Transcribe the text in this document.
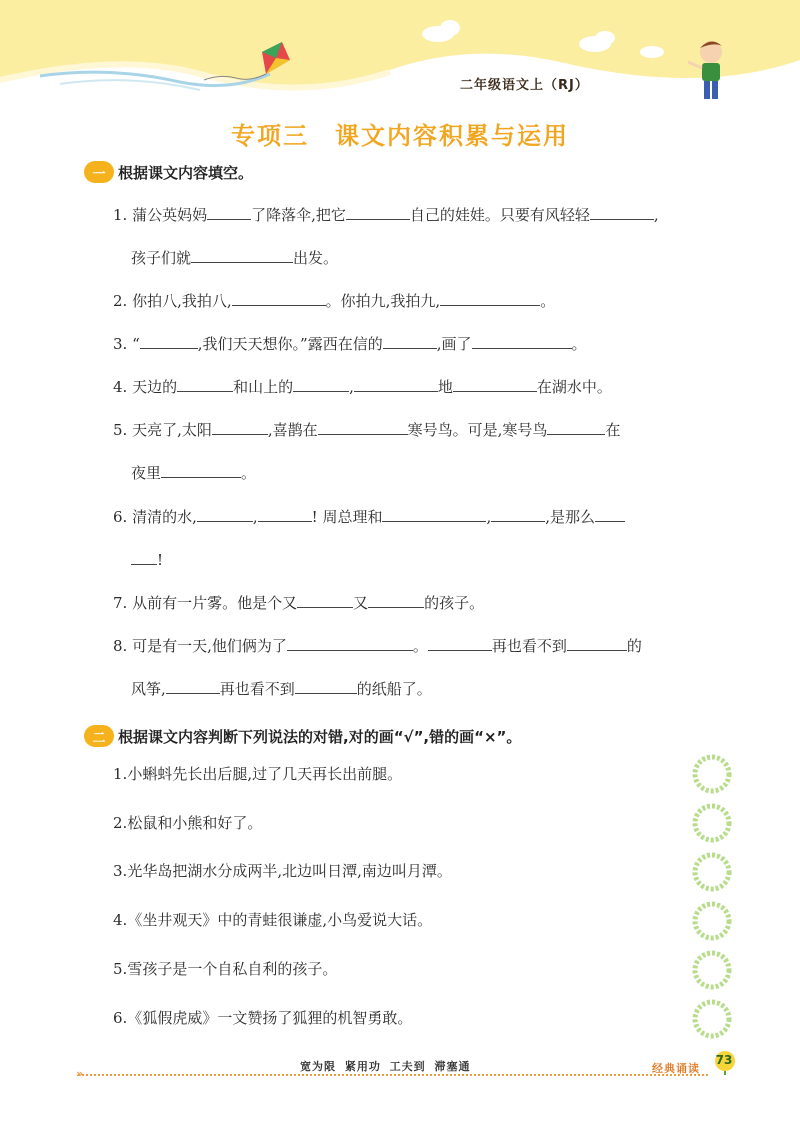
二年级语文上（RJ）
专项三　课文内容积累与运用
一 根据课文内容填空。
1. 蒲公英妈妈	了降落伞,把它	自己的娃娃。只要有风轻轻	,
孩子们就	出发。
2. 你拍八,我拍八,	。你拍九,我拍九,	。
3. “	,我们天天想你。”露西在信的	,画了	。
4. 天边的	和山上的	,	地	在湖水中。
5. 天亮了,太阳	,喜鹊在	寒号鸟。可是,寒号鸟	在
夜里	。
6. 清清的水,	,	! 周总理和	,	,是那么
!
7. 从前有一片雾。他是个又	又	的孩子。
8. 可是有一天,他们俩为了	。	再也看不到	的
风筝,	再也看不到	的纸船了。
二 根据课文内容判断下列说法的对错,对的画“√”,错的画“×”。
1.小蝌蚪先长出后腿,过了几天再长出前腿。
2.松鼠和小熊和好了。
3.光华岛把湖水分成两半,北边叫日潭,南边叫月潭。
4.《坐井观天》中的青蛙很谦虚,小鸟爱说大话。
5.雪孩子是一个自私自利的孩子。
6.《狐假虎威》一文赞扬了狐狸的机智勇敢。
宽为限 紧用功 工夫到 滞塞通	经典诵读
73
»
